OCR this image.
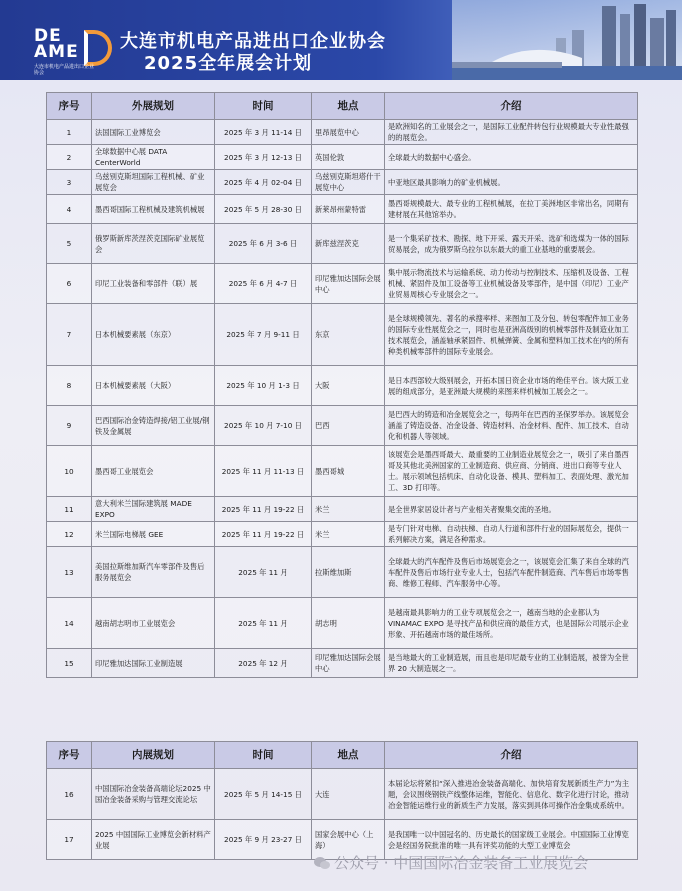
DE
AME
大连市机电产品进出口企业协会
大连市机电产品进出口企业协会
2025全年展会计划
序号	外展规划	时间	地点	介绍
1	法国国际工业博览会	2025 年 3 月 11-14 日	里昂展览中心	是欧洲知名的工业展会之一，是国际工业配件转包行业规模最大专业性最强的的展览会。
2	全球数据中心展 DATA CenterWorld	2025 年 3 月 12-13 日	英国伦敦	全球最大的数据中心盛会。
3	乌兹别克斯坦国际工程机械、矿业展览会	2025 年 4 月 02-04 日	乌兹别克斯坦塔什干展览中心	中亚地区最具影响力的矿业机械展。
4	墨西哥国际工程机械及建筑机械展	2025 年 5 月 28-30 日	新莱昂州蒙特雷	墨西哥规模最大、最专业的工程机械展，在拉丁美洲地区非常出名，同期有建材展在其他馆举办。
5	俄罗斯新库茨涅茨克国际矿业展览会	2025 年 6 月 3-6 日	新库兹涅茨克	是一个集采矿技术、勘探、地下开采、露天开采、选矿和选煤为一体的国际贸易展会，成为俄罗斯乌拉尔以东最大的重工业基地的重要展会。
6	印尼工业装备和零部件（联）展	2025 年 6 月 4-7 日	印尼雅加达国际会展中心	集中展示物流技术与运输系统、动力传动与控制技术、压缩机及设备、工程机械、紧固件及加工设备等工业机械设备及零部件，是中国（印尼）工业产业贸易周核心专业展会之一。
7	日本机械要素展（东京）	2025 年 7 月 9-11 日	东京	是全球规模领先、著名的承搜率样、来图加工及分包、转包零配件加工业务的国际专业性展览会之一，同时也是亚洲高级别的机械零部件及制造业加工技术展览会，涵盖轴承紧固件、机械弹簧、金属和塑料加工技术在内的所有种类机械零部件的国际专业展会。
8	日本机械要素展（大阪）	2025 年 10 月 1-3 日	大阪	是日本西部较大级别展会，开拓本国日资企业市场的绝佳平台。该大阪工业展的组成部分，是亚洲最大规模的来图来样机械加工展会之一。
9	巴西国际冶金铸造焊接/铝工业展/钢铁及金属展	2025 年 10 月 7-10 日	巴西	是巴西大的铸造和冶金展览会之一，每两年在巴西的圣保罗举办。该展览会涵盖了铸造设备、冶金设备、铸造材料、冶金材料、配件、加工技术、自动化和机器人等领域。
10	墨西哥工业展览会	2025 年 11 月 11-13 日	墨西哥城	该展览会是墨西哥最大、最重要的工业制造业展览会之一，吸引了来自墨西哥及其他北美洲国家的工业制造商、供应商、分销商、进出口商等专业人士。展示领域包括机床、自动化设备、模具、塑料加工、表面处理、激光加工、3D 打印等。
11	意大利米兰国际建筑展 MADE EXPO	2025 年 11 月 19-22 日	米兰	是全世界家居设计者与产业相关者聚集交流的圣地。
12	米兰国际电梯展 GEE	2025 年 11 月 19-22 日	米兰	是专门针对电梯、自动扶梯、自动人行道和部件行业的国际展览会，提供一系列解决方案，满足各种需求。
13	美国拉斯维加斯汽车零部件及售后服务展览会	2025 年 11 月	拉斯维加斯	全球最大的汽车配件及售后市场展览会之一，该展览会汇集了来自全球的汽车配件及售后市场行业专业人士，包括汽车配件制造商、汽车售后市场零售商、维修工程师、汽车服务中心等。
14	越南胡志明市工业展览会	2025 年 11 月	胡志明	是越南最具影响力的工业专项展览会之一，越南当地的企业都认为 VINAMAC EXPO 是寻找产品和供应商的最佳方式，也是国际公司展示企业形象、开拓越南市场的最佳场所。
15	印尼雅加达国际工业制造展	2025 年 12 月	印尼雅加达国际会展中心	是当地最大的工业制造展，而且也是印尼最专业的工业制造展，被誉为全世界 20 大制造展之一。
序号	内展规划	时间	地点	介绍
16	中国国际冶金装备高端论坛2025 中国冶金装备采购与管理交流论坛	2025 年 5 月 14-15 日	大连	本届论坛将紧扣“深入推进冶金装备高端化、加快培育发展新质生产力”为主题，会议围绕钢铁产线整体运维，智能化、信息化、数字化进行讨论，推动冶金智能运维行业的新质生产力发展，落实到具体可操作冶金集成系统中。
17	2025 中国国际工业博览会新材料产业展	2025 年 9 月 23-27 日	国家会展中心（上海）	是我国唯一以中国冠名的、历史最长的国家级工业展会。中国国际工业博览会是经国务院批准的唯一具有评奖功能的大型工业博览会
公众号 · 中国国际冶金装备工业展览会
